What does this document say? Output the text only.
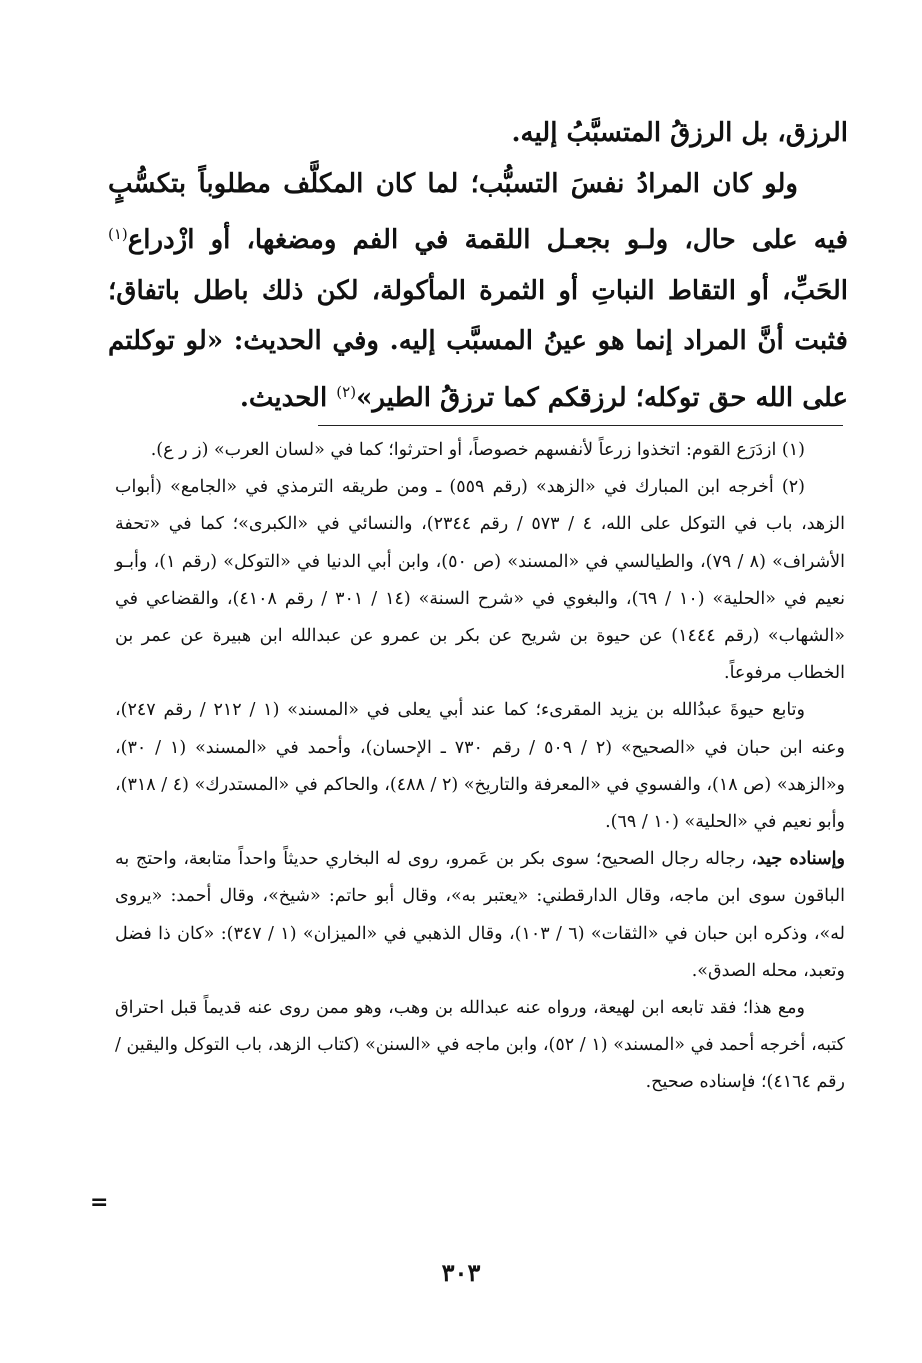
الرزق، بل الرزقُ المتسبَّبُ إليه.

ولو كان المرادُ نفسَ التسبُّب؛ لما كان المكلَّف مطلوباً بتكسُّبٍ فيه على حال، ولـو بجعـل اللقمة في الفم ومضغها، أو ازْدراع$^{(١)}$ الحَبِّ، أو التقاط النباتِ أو الثمرة المأكولة، لكن ذلك باطل باتفاق؛ فثبت أنَّ المراد إنما هو عينُ المسبَّب إليه. وفي الحديث: «لو توكلتم على الله حق توكله؛ لرزقكم كما ترزقُ الطير»$^{(٢)}$ الحديث.

(١) ازدَرَع القوم: اتخذوا زرعاً لأنفسهم خصوصاً، أو احترثوا؛ كما في «لسان العرب» (ز ر ع).

(٢) أخرجه ابن المبارك في «الزهد» (رقم ٥٥٩) ـ ومن طريقه الترمذي في «الجامع» (أبواب الزهد، باب في التوكل على الله، ٤ / ٥٧٣ / رقم ٢٣٤٤)، والنسائي في «الكبرى»؛ كما في «تحفة الأشراف» (٨ / ٧٩)، والطيالسي في «المسند» (ص ٥٠)، وابن أبي الدنيا في «التوكل» (رقم ١)، وأبـو نعيم في «الحلية» (١٠ / ٦٩)، والبغوي في «شرح السنة» (١٤ / ٣٠١ / رقم ٤١٠٨)، والقضاعي في «الشهاب» (رقم ١٤٤٤) عن حيوة بن شريح عن بكر بن عمرو عن عبدالله ابن هبيرة عن عمر بن الخطاب مرفوعاً.

وتابع حيوةَ عبدُالله بن يزيد المقرىء؛ كما عند أبي يعلى في «المسند» (١ / ٢١٢ / رقم ٢٤٧)، وعنه ابن حبان في «الصحيح» (٢ / ٥٠٩ / رقم ٧٣٠ ـ الإحسان)، وأحمد في «المسند» (١ / ٣٠)، و«الزهد» (ص ١٨)، والفسوي في «المعرفة والتاريخ» (٢ / ٤٨٨)، والحاكم في «المستدرك» (٤ / ٣١٨)، وأبو نعيم في «الحلية» (١٠ / ٦٩).

وإسناده جيد، رجاله رجال الصحيح؛ سوى بكر بن عَمرو، روى له البخاري حديثاً واحداً متابعة، واحتج به الباقون سوى ابن ماجه، وقال الدارقطني: «يعتبر به»، وقال أبو حاتم: «شيخ»، وقال أحمد: «يروى له»، وذكره ابن حبان في «الثقات» (٦ / ١٠٣)، وقال الذهبي في «الميزان» (١ / ٣٤٧): «كان ذا فضل وتعبد، محله الصدق».

ومع هذا؛ فقد تابعه ابن لهيعة، ورواه عنه عبدالله بن وهب، وهو ممن روى عنه قديماً قبل احتراق كتبه، أخرجه أحمد في «المسند» (١ / ٥٢)، وابن ماجه في «السنن» (كتاب الزهد، باب التوكل واليقين / رقم ٤١٦٤)؛ فإسناده صحيح.

=
٣٠٣
